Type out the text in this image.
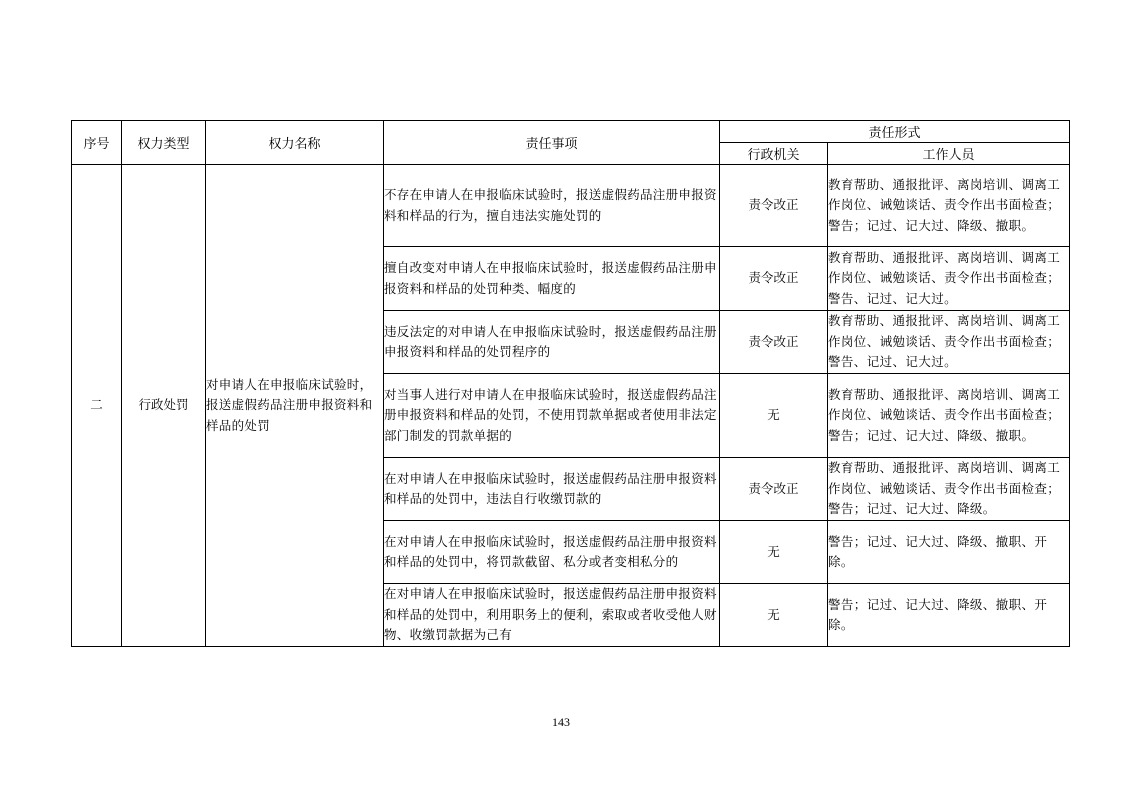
序号	权力类型	权力名称	责任事项	责任形式	
				行政机关	工作人员
二	行政处罚	对申请人在申报临床试验时，报送虚假药品注册申报资料和样品的处罚	不存在申请人在申报临床试验时，报送虚假药品注册申报资料和样品的行为，擅自违法实施处罚的	责令改正	教育帮助、通报批评、离岗培训、调离工作岗位、诫勉谈话、责令作出书面检查；警告；记过、记大过、降级、撤职。
			擅自改变对申请人在申报临床试验时，报送虚假药品注册申报资料和样品的处罚种类、幅度的	责令改正	教育帮助、通报批评、离岗培训、调离工作岗位、诫勉谈话、责令作出书面检查；警告、记过、记大过。
			违反法定的对申请人在申报临床试验时，报送虚假药品注册申报资料和样品的处罚程序的	责令改正	教育帮助、通报批评、离岗培训、调离工作岗位、诫勉谈话、责令作出书面检查；警告、记过、记大过。
			对当事人进行对申请人在申报临床试验时，报送虚假药品注册申报资料和样品的处罚，不使用罚款单据或者使用非法定部门制发的罚款单据的	无	教育帮助、通报批评、离岗培训、调离工作岗位、诫勉谈话、责令作出书面检查；警告；记过、记大过、降级、撤职。
			在对申请人在申报临床试验时，报送虚假药品注册申报资料和样品的处罚中，违法自行收缴罚款的	责令改正	教育帮助、通报批评、离岗培训、调离工作岗位、诫勉谈话、责令作出书面检查；警告；记过、记大过、降级。
			在对申请人在申报临床试验时，报送虚假药品注册申报资料和样品的处罚中，将罚款截留、私分或者变相私分的	无	警告；记过、记大过、降级、撤职、开除。
			在对申请人在申报临床试验时，报送虚假药品注册申报资料和样品的处罚中，利用职务上的便利，索取或者收受他人财物、收缴罚款据为己有	无	警告；记过、记大过、降级、撤职、开除。
143
